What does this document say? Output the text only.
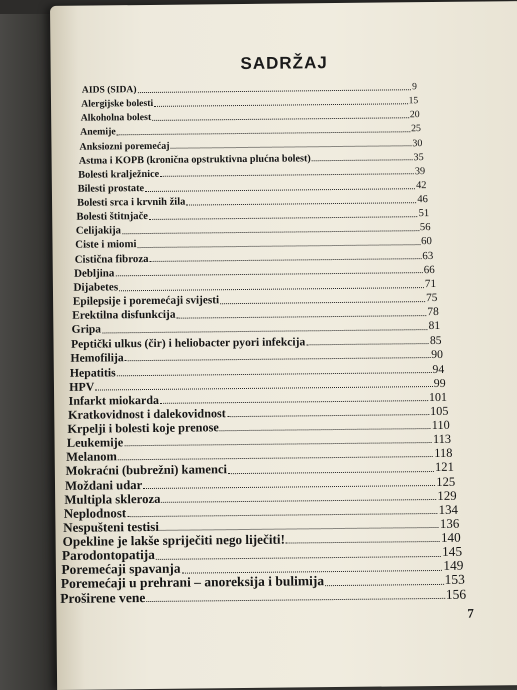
SADRŽAJ
AIDS (SIDA)	9
Alergijske bolesti	15
Alkoholna bolest	20
Anemije	25
Anksiozni poremećaj	30
Astma i KOPB (kronična opstruktivna plućna bolest)	35
Bolesti kralježnice	39
Bilesti prostate	42
Bolesti srca i krvnih žila	46
Bolesti štitnjače	51
Celijakija	56
Ciste i miomi	60
Cistična fibroza	63
Debljina	66
Dijabetes	71
Epilepsije i poremećaji svijesti	75
Erektilna disfunkcija	78
Gripa	81
Peptički ulkus (čir) i heliobacter pyori infekcija	85
Hemofilija	90
Hepatitis	94
HPV	99
Infarkt miokarda	101
Kratkovidnost i dalekovidnost	105
Krpelji i bolesti koje prenose	110
Leukemije	113
Melanom	118
Mokraćni (bubrežni) kamenci	121
Moždani udar	125
Multipla skleroza	129
Neplodnost	134
Nespušteni testisi	136
Opekline je lakše spriječiti nego liječiti!	140
Parodontopatija	145
Poremećaji spavanja	149
Poremećaji u prehrani – anoreksija i bulimija	153
Proširene vene	156
7
